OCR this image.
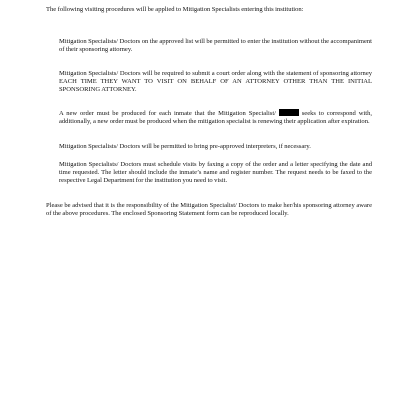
The following visiting procedures will be applied to Mitigation Specialists entering this institution:

Mitigation Specialists/ Doctors on the approved list will be permitted to enter the institution without the accompaniment of their sponsoring attorney.

Mitigation Specialists/ Doctors will be required to submit a court order along with the statement of sponsoring attorney EACH TIME THEY WANT TO VISIT ON BEHALF OF AN ATTORNEY OTHER THAN THE INITIAL SPONSORING ATTORNEY.

A new order must be produced for each inmate that the Mitigation Specialist/	seeks to correspond with, additionally, a new order must be produced when the mitigation specialist is renewing their application after expiration.

Mitigation Specialists/ Doctors will be permitted to bring pre-approved interpreters, if necessary.

Mitigation Specialists/ Doctors must schedule visits by faxing a copy of the order and a letter specifying the date and time requested. The letter should include the inmate’s name and register number. The request needs to be faxed to the respective Legal Department for the institution you need to visit.

Please be advised that it is the responsibility of the Mitigation Specialist/ Doctors to make her/his sponsoring attorney aware of the above procedures. The enclosed Sponsoring Statement form can be reproduced locally.
